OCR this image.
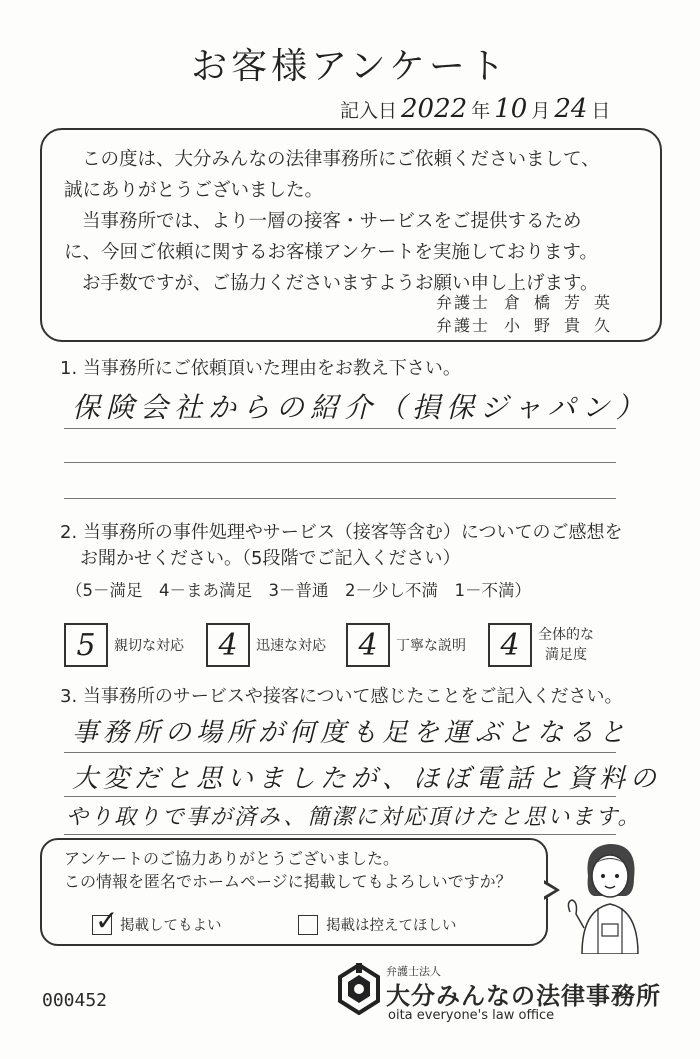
お客様アンケート
記入日 2022 年 10 月 24 日

この度は、大分みんなの法律事務所にご依頼くださいまして、

誠にありがとうございました。

当事務所では、より一層の接客・サービスをご提供するため

に、今回ご依頼に関するお客様アンケートを実施しております。

お手数ですが、ご協力くださいますようお願い申し上げます。

弁護士 倉橋芳英
弁護士 小野貴久
1. 当事務所にご依頼頂いた理由をお教え下さい。
保険会社からの紹介（損保ジャパン）
2. 当事務所の事件処理やサービス（接客等含む）についてのご感想を
お聞かせください。（5段階でご記入ください）
（5－満足　4－まあ満足　3－普通　2－少し不満　1－不満）
5	親切な対応	4	迅速な対応	4	丁寧な説明	4	全体的な
満足度
3. 当事務所のサービスや接客について感じたことをご記入ください。
事務所の場所が何度も足を運ぶとなると
大変だと思いましたが、ほぼ電話と資料の
やり取りで事が済み、簡潔に対応頂けたと思います。
アンケートのご協力ありがとうございました。
この情報を匿名でホームページに掲載してもよろしいですか？
✓ 掲載してもよい	掲載は控えてほしい
000452
弁護士法人
大分みんなの法律事務所
oita everyone's law office
